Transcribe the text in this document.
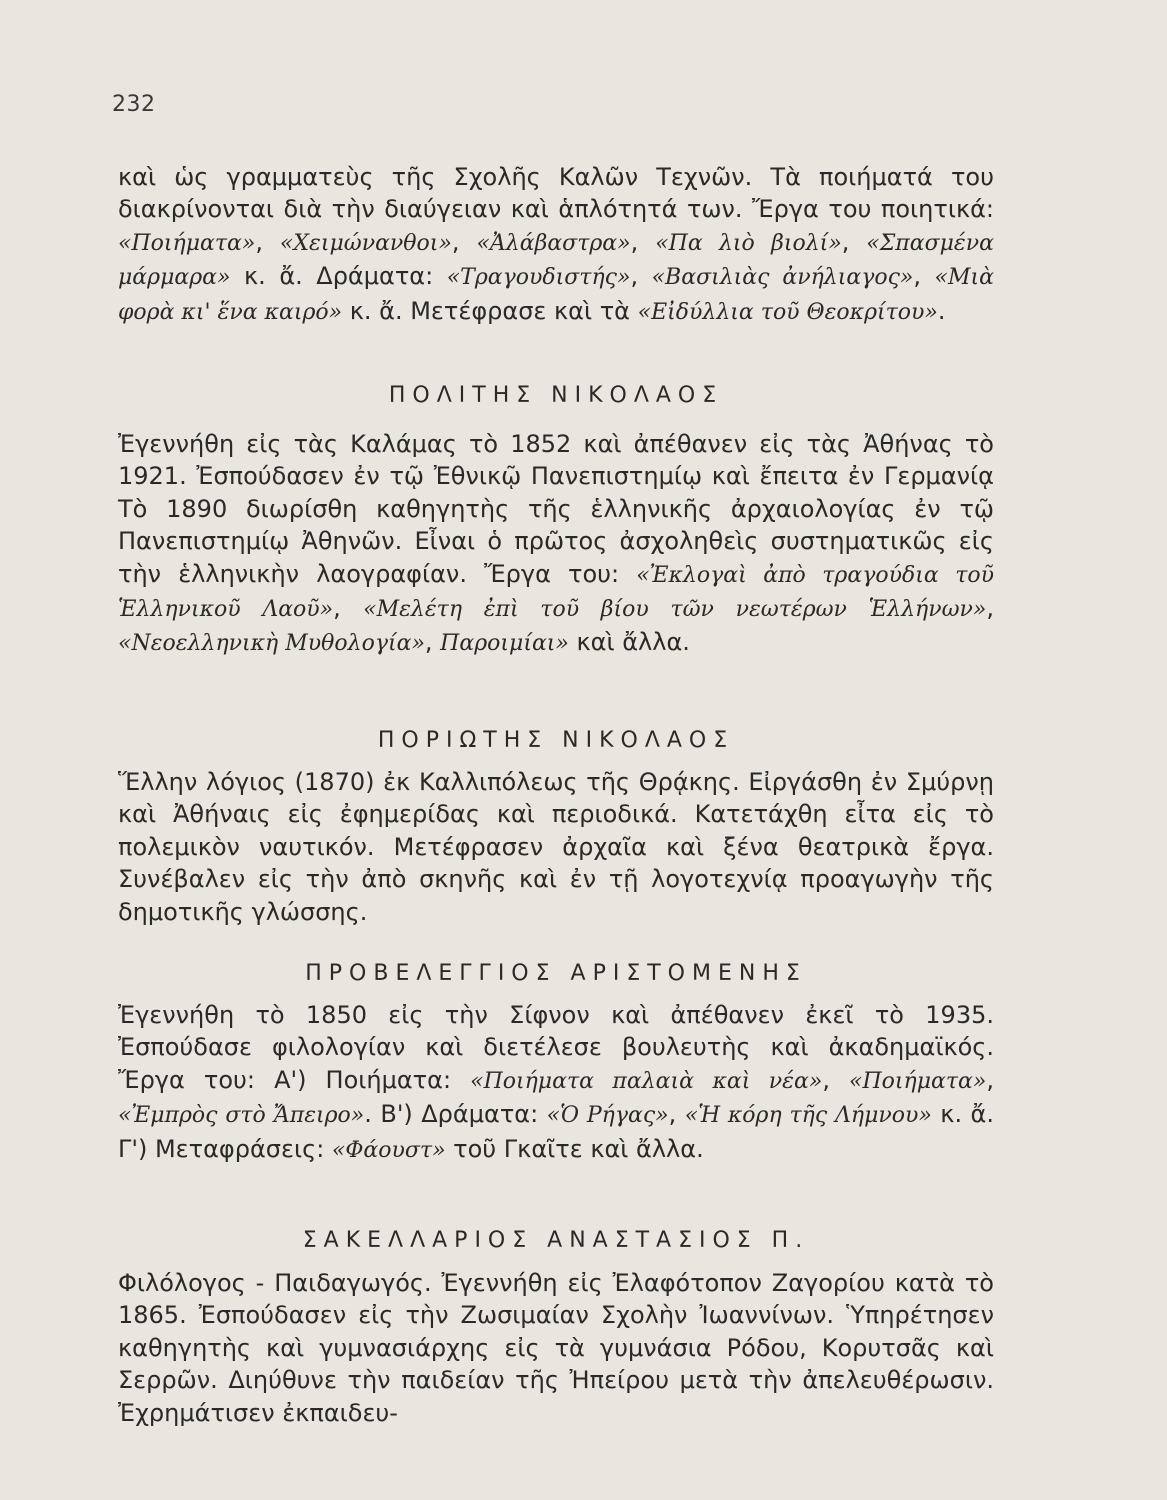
232
καὶ ὡς γραμματεὺς τῆς Σχολῆς Καλῶν Τεχνῶν. Τὰ ποιήματά του διακρίνονται διὰ τὴν διαύγειαν καὶ ἁπλότητά των. Ἔργα του ποιητικά: «Ποιήματα», «Χειμώνανθοι», «Ἀλάβαστρα», «Πα λιὸ βιολί», «Σπασμένα μάρμαρα» κ. ἄ. Δράματα: «Τραγουδιστής», «Βασιλιὰς ἀνήλιαγος», «Μιὰ φορὰ κι' ἕνα καιρό» κ. ἄ. Μετέφρασε καὶ τὰ «Εἰδύλλια τοῦ Θεοκρίτου».
ΠΟΛΙΤΗΣ ΝΙΚΟΛΑΟΣ
Ἐγεννήθη εἰς τὰς Καλάμας τὸ 1852 καὶ ἀπέθανεν εἰς τὰς Ἀθήνας τὸ 1921. Ἐσπούδασεν ἐν τῷ Ἐθνικῷ Πανεπιστημίῳ καὶ ἔπειτα ἐν Γερμανίᾳ Τὸ 1890 διωρίσθη καθηγητὴς τῆς ἑλληνικῆς ἀρχαιολογίας ἐν τῷ Πανεπιστημίῳ Ἀθηνῶν. Εἶναι ὁ πρῶτος ἀσχοληθεὶς συστηματικῶς εἰς τὴν ἑλληνικὴν λαογραφίαν. Ἔργα του: «Ἐκλογαὶ ἀπὸ τραγούδια τοῦ Ἑλληνικοῦ Λαοῦ», «Μελέτη ἐπὶ τοῦ βίου τῶν νεωτέρων Ἑλλήνων», «Νεοελληνικὴ Μυθολογία», Παροιμίαι» καὶ ἄλλα.
ΠΟΡΙΩΤΗΣ ΝΙΚΟΛΑΟΣ
Ἕλλην λόγιος (1870) ἐκ Καλλιπόλεως τῆς Θρᾴκης. Εἰργάσθη ἐν Σμύρνῃ καὶ Ἀθήναις εἰς ἐφημερίδας καὶ περιοδικά. Κατετάχθη εἶτα εἰς τὸ πολεμικὸν ναυτικόν. Μετέφρασεν ἀρχαῖα καὶ ξένα θεατρικὰ ἔργα. Συνέβαλεν εἰς τὴν ἀπὸ σκηνῆς καὶ ἐν τῇ λογοτεχνίᾳ προαγωγὴν τῆς δημοτικῆς γλώσσης.
ΠΡΟΒΕΛΕΓΓΙΟΣ ΑΡΙΣΤΟΜΕΝΗΣ
Ἐγεννήθη τὸ 1850 εἰς τὴν Σίφνον καὶ ἀπέθανεν ἐκεῖ τὸ 1935. Ἐσπούδασε φιλολογίαν καὶ διετέλεσε βουλευτὴς καὶ ἀκαδημαϊκός. Ἔργα του: Α') Ποιήματα: «Ποιήματα παλαιὰ καὶ νέα», «Ποιήματα», «Ἐμπρὸς στὸ Ἄπειρο». Β') Δράματα: «Ὁ Ρήγας», «Ἡ κόρη τῆς Λήμνου» κ. ἄ. Γ') Μεταφράσεις: «Φάουστ» τοῦ Γκαῖτε καὶ ἄλλα.
ΣΑΚΕΛΛΑΡΙΟΣ ΑΝΑΣΤΑΣΙΟΣ Π.
Φιλόλογος - Παιδαγωγός. Ἐγεννήθη εἰς Ἐλαφότοπον Ζαγορίου κατὰ τὸ 1865. Ἐσπούδασεν εἰς τὴν Ζωσιμαίαν Σχολὴν Ἰωαννίνων. Ὑπηρέτησεν καθηγητὴς καὶ γυμνασιάρχης εἰς τὰ γυμνάσια Ρόδου, Κορυτσᾶς καὶ Σερρῶν. Διηύθυνε τὴν παιδείαν τῆς Ἠπείρου μετὰ τὴν ἀπελευθέρωσιν. Ἐχρημάτισεν ἐκπαιδευ-
